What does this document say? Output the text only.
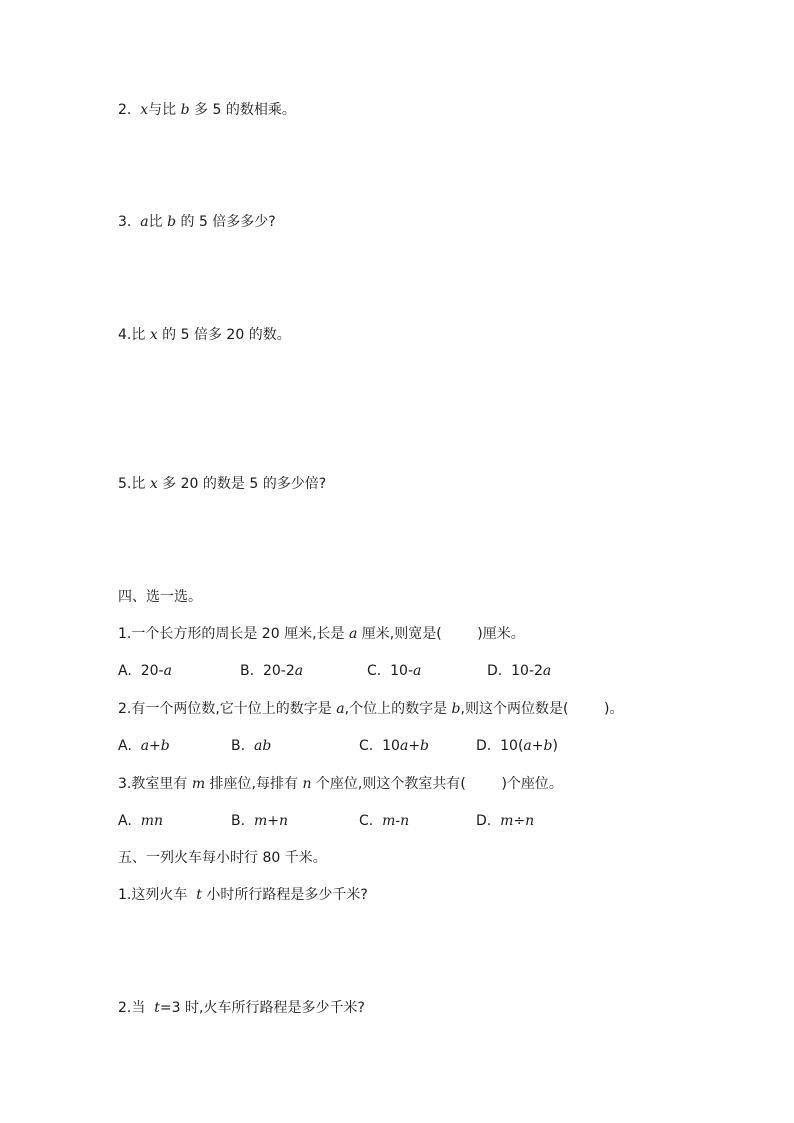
2.  x与比 b 多 5 的数相乘。
3.  a比 b 的 5 倍多多少?
4.比 x 的 5 倍多 20 的数。
5.比 x 多 20 的数是 5 的多少倍?
四、选一选。
1.一个长方形的周长是 20 厘米,长是 a 厘米,则宽是(        )厘米。
A.  20-a	B.  20-2a	C.  10-a	D.  10-2a
2.有一个两位数,它十位上的数字是 a,个位上的数字是 b,则这个两位数是(        )。
A.  a+b	B.  ab	C.  10a+b	D.  10(a+b)
3.教室里有 m 排座位,每排有 n 个座位,则这个教室共有(        )个座位。
A.  mn	B.  m+n	C.  m-n	D.  m÷n
五、一列火车每小时行 80 千米。
1.这列火车  t 小时所行路程是多少千米?
2.当  t=3 时,火车所行路程是多少千米?
